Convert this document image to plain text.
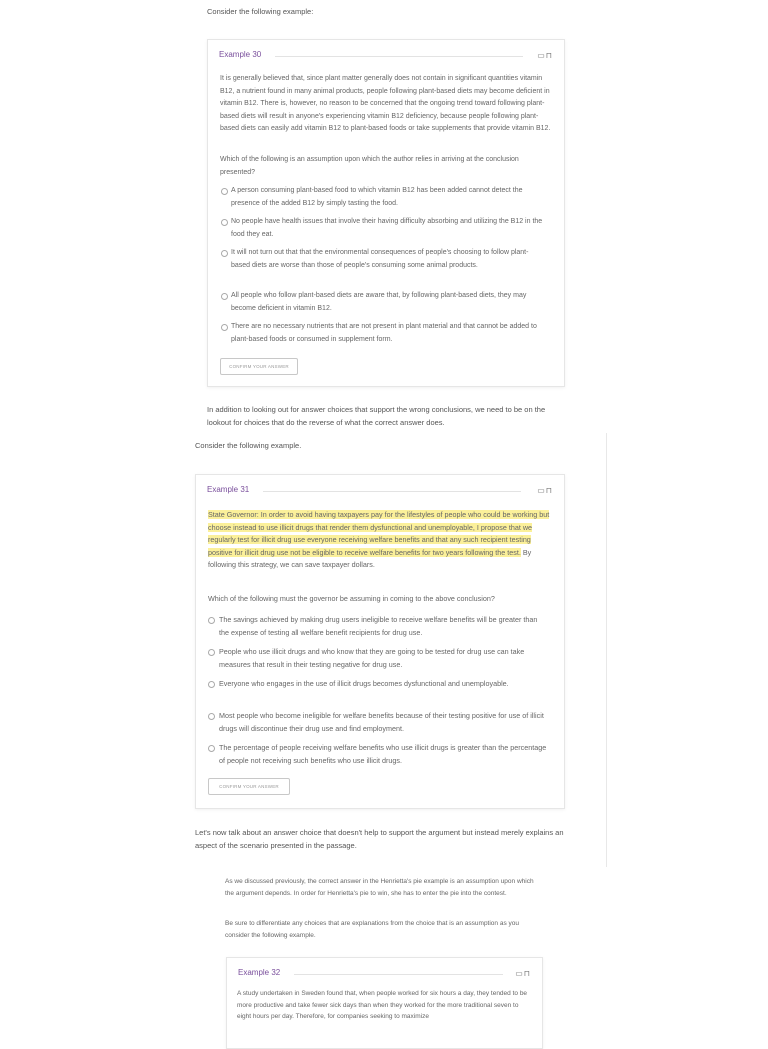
Consider the following example:
Example 30	▭⊓
It is generally believed that, since plant matter generally does not contain in significant quantities vitamin B12, a nutrient found in many animal products, people following plant-based diets may become deficient in vitamin B12. There is, however, no reason to be concerned that the ongoing trend toward following plant-based diets will result in anyone's experiencing vitamin B12 deficiency, because people following plant-based diets can easily add vitamin B12 to plant-based foods or take supplements that provide vitamin B12.
Which of the following is an assumption upon which the author relies in arriving at the conclusion presented?
A person consuming plant-based food to which vitamin B12 has been added cannot detect the presence of the added B12 by simply tasting the food.
No people have health issues that involve their having difficulty absorbing and utilizing the B12 in the food they eat.
It will not turn out that that the environmental consequences of people's choosing to follow plant-based diets are worse than those of people's consuming some animal products.
All people who follow plant-based diets are aware that, by following plant-based diets, they may become deficient in vitamin B12.
There are no necessary nutrients that are not present in plant material and that cannot be added to plant-based foods or consumed in supplement form.
CONFIRM YOUR ANSWER
In addition to looking out for answer choices that support the wrong conclusions, we need to be on the lookout for choices that do the reverse of what the correct answer does.
Consider the following example.
Example 31	▭⊓
State Governor: In order to avoid having taxpayers pay for the lifestyles of people who could be working but choose instead to use illicit drugs that render them dysfunctional and unemployable, I propose that we regularly test for illicit drug use everyone receiving welfare benefits and that any such recipient testing positive for illicit drug use not be eligible to receive welfare benefits for two years following the test. By following this strategy, we can save taxpayer dollars.
Which of the following must the governor be assuming in coming to the above conclusion?
The savings achieved by making drug users ineligible to receive welfare benefits will be greater than the expense of testing all welfare benefit recipients for drug use.
People who use illicit drugs and who know that they are going to be tested for drug use can take measures that result in their testing negative for drug use.
Everyone who engages in the use of illicit drugs becomes dysfunctional and unemployable.
Most people who become ineligible for welfare benefits because of their testing positive for use of illicit drugs will discontinue their drug use and find employment.
The percentage of people receiving welfare benefits who use illicit drugs is greater than the percentage of people not receiving such benefits who use illicit drugs.
CONFIRM YOUR ANSWER
Let's now talk about an answer choice that doesn't help to support the argument but instead merely explains an aspect of the scenario presented in the passage.
As we discussed previously, the correct answer in the Henrietta's pie example is an assumption upon which the argument depends. In order for Henrietta's pie to win, she has to enter the pie into the contest.
Be sure to differentiate any choices that are explanations from the choice that is an assumption as you consider the following example.
Example 32	▭⊓
A study undertaken in Sweden found that, when people worked for six hours a day, they tended to be more productive and take fewer sick days than when they worked for the more traditional seven to eight hours per day. Therefore, for companies seeking to maximize
